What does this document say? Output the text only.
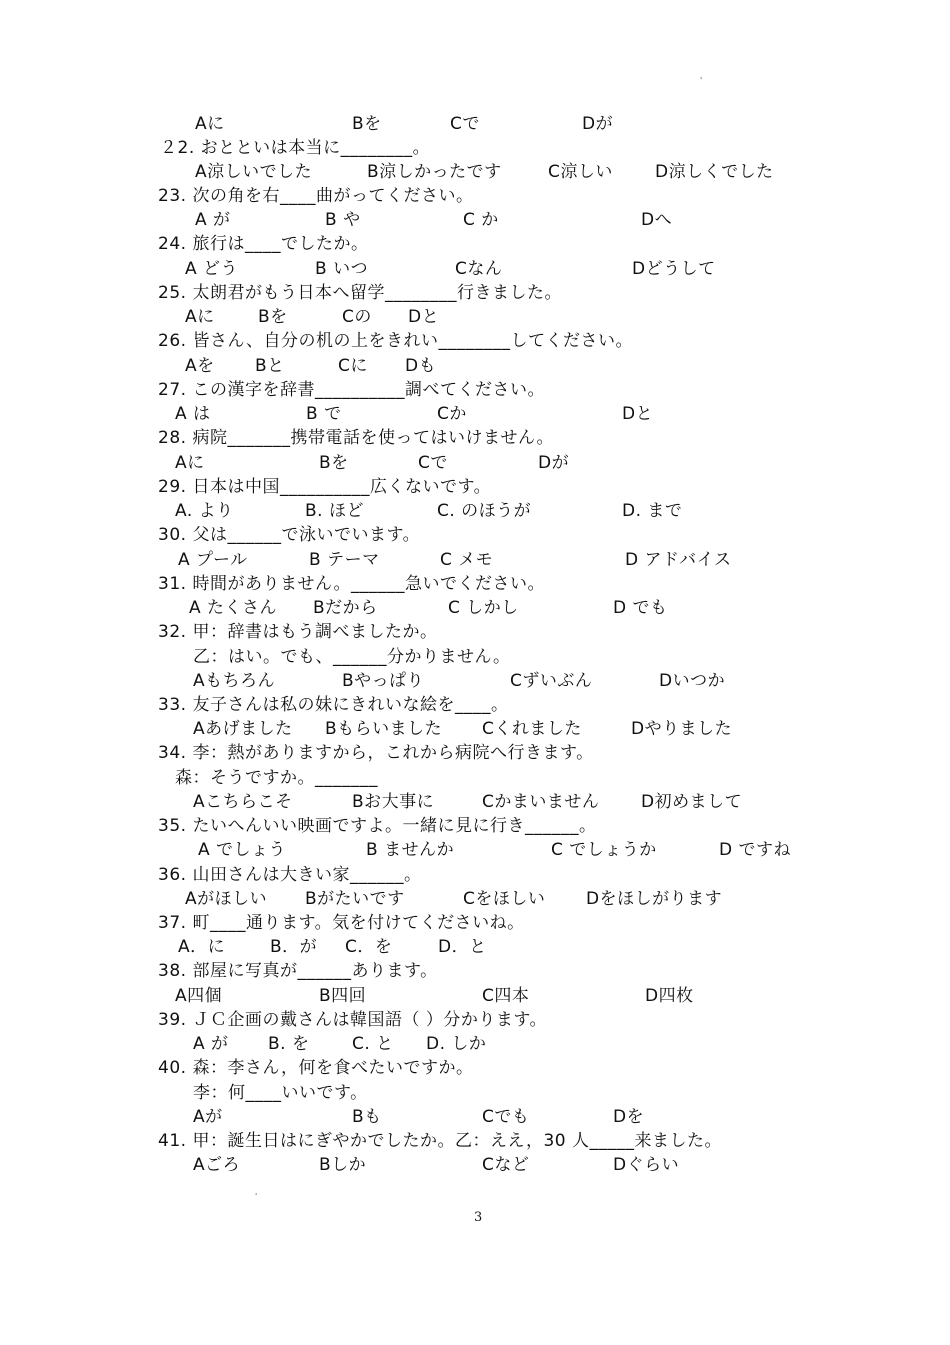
'
Aに	Bを	Cで	Dが
２2. おとといは本当に________。
A涼しいでした	B涼しかったです	C涼しい D涼しくでした
23. 次の角を右____曲がってください。
A が	B や	C か	Dへ
24. 旅行は____でしたか。
A どう	B いつ	Cなん	Dどうして
25. 太朗君がもう日本へ留学________行きました。
Aに	Bを	Cの Dと
26. 皆さん、自分の机の上をきれい________してください。
Aを Bと	Cに Dも
27. この漢字を辞書__________調べてください。
A は	B で	Cか	Dと
28. 病院_______携帯電話を使ってはいけません。
Aに	Bを	Cで	Dが
29. 日本は中国__________広くないです。
A. より	B. ほど	C. のほうが	D. まで
30. 父は______で泳いでいます。
A プール	B テーマ	C メモ	D アドバイス
31. 時間がありません。______急いでください。
A たくさん Bだから	C しかし	D でも
32. 甲：辞書はもう調べましたか。
乙：はい。でも、______分かりません。
Aもちろん	Bやっぱり	Cずいぶん	Dいつか
33. 友子さんは私の妹にきれいな絵を____。
Aあげました Bもらいました Cくれました	Dやりました
34. 李：熱がありますから，これから病院へ行きます。
森：そうですか。_______
Aこちらこそ	Bお大事に	Cかまいません D初めまして
35. たいへんいい映画ですよ。一緒に見に行き______。
A でしょう	B ませんか	C でしょうか	D ですね
36. 山田さんは大きい家______。
Aがほしい Bがたいです	Cをほしい Dをほしがります
37. 町____通ります。気を付けてくださいね。
A．に	B．が C．を	D．と
38. 部屋に写真が______あります。
A四個	B四回	C四本	D四枚
39. ＪＣ企画の戴さんは韓国語（ ）分かります。
A が B. を	C. と D. しか
40. 森：李さん，何を食べたいですか。
李：何____いいです。
Aが	Bも	Cでも	Dを
41. 甲：誕生日はにぎやかでしたか。乙：ええ，30 人_____来ました。
Aごろ	Bしか	Cなど	Dぐらい
'
3
